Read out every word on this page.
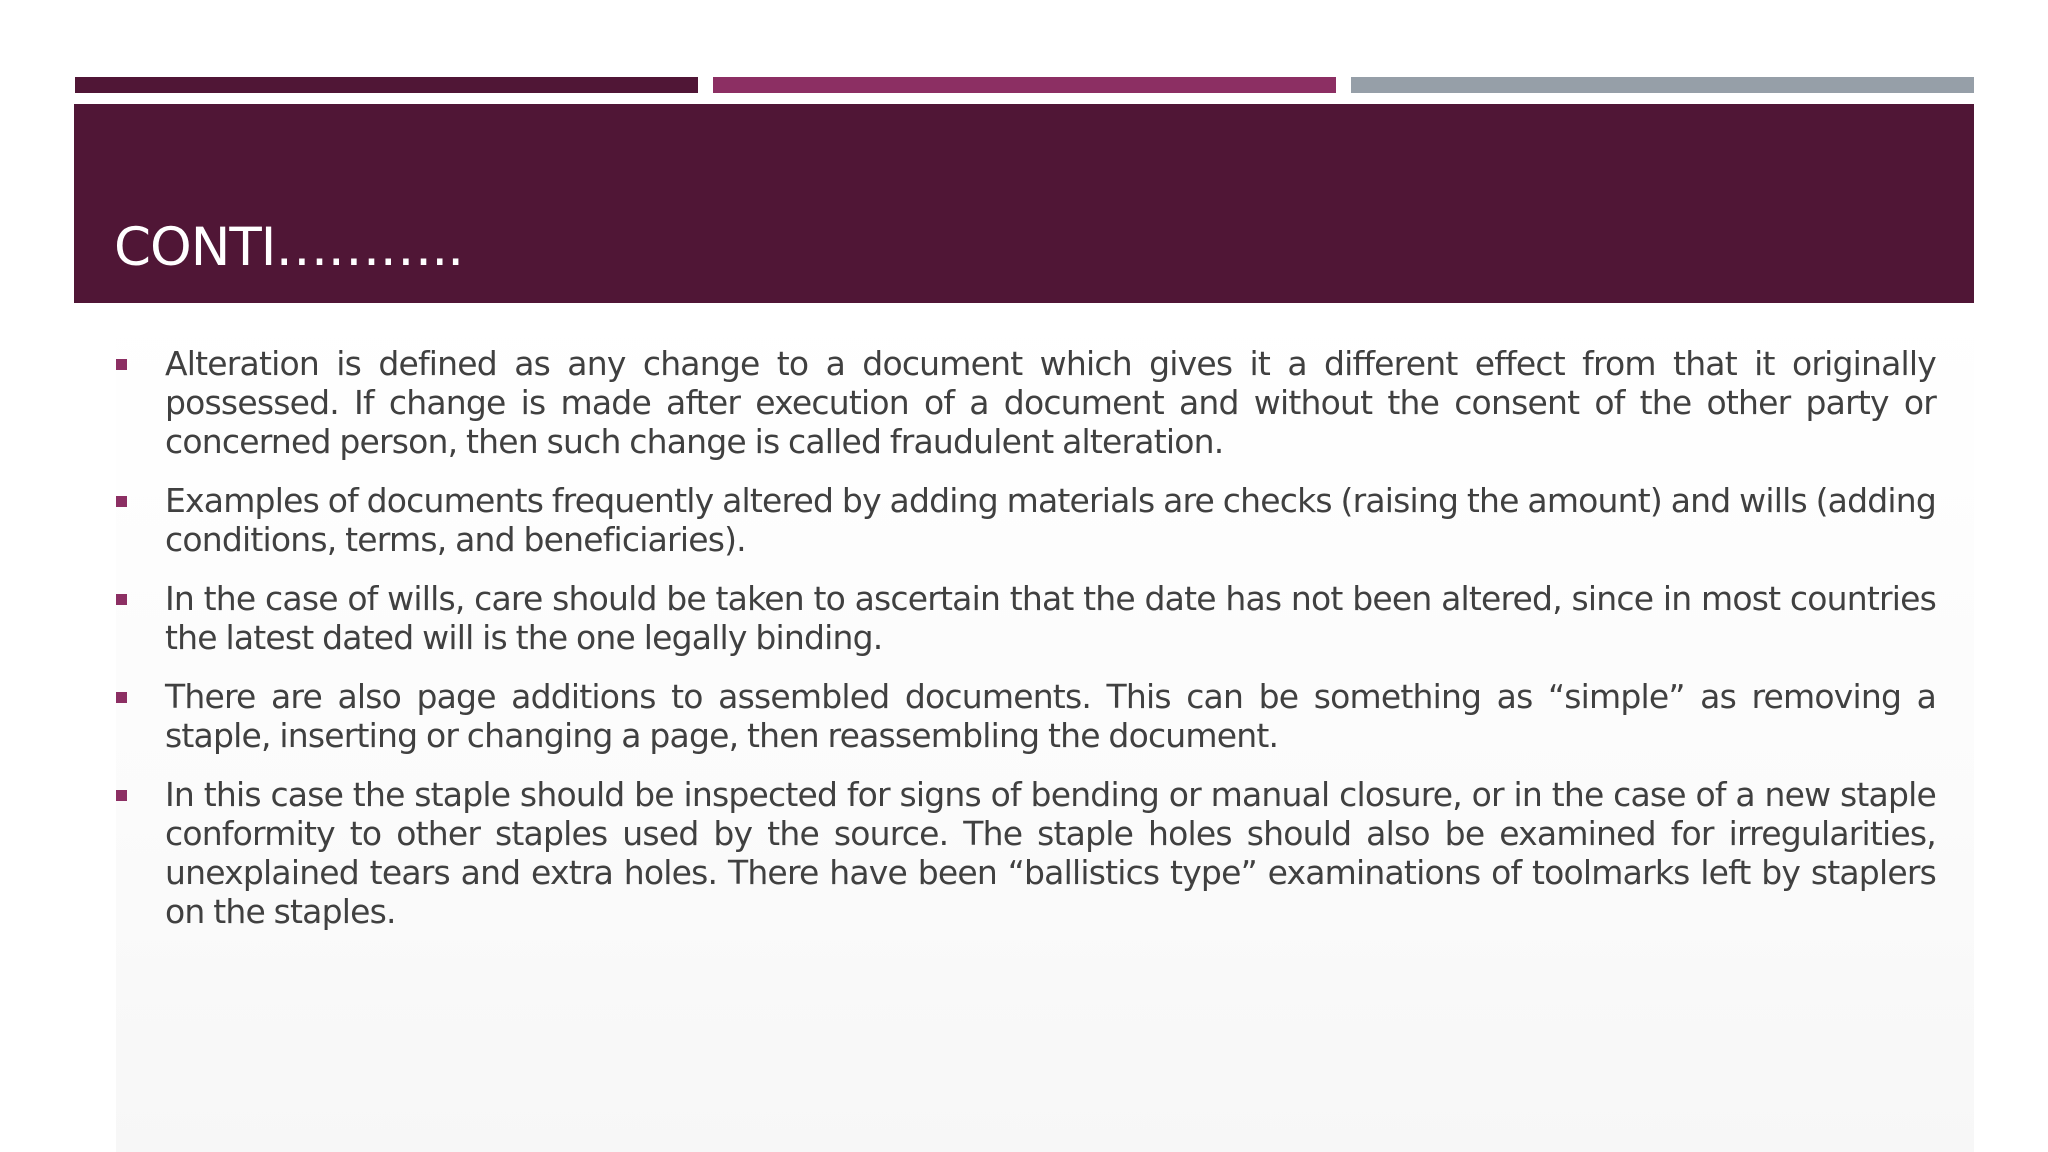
CONTI………..
Alteration is defined as any change to a document which gives it a different effect from that it originally possessed. If change is made after execution of a document and without the consent of the other party or concerned person, then such change is called fraudulent alteration.
Examples of documents frequently altered by adding materials are checks (raising the amount) and wills (adding conditions, terms, and beneficiaries).
In the case of wills, care should be taken to ascertain that the date has not been altered, since in most countries the latest dated will is the one legally binding.
There are also page additions to assembled documents. This can be something as “simple” as removing a staple, inserting or changing a page, then reassembling the document.
In this case the staple should be inspected for signs of bending or manual closure, or in the case of a new staple conformity to other staples used by the source. The staple holes should also be examined for irregularities, unexplained tears and extra holes. There have been “ballistics type” examinations of toolmarks left by staplers on the staples.
